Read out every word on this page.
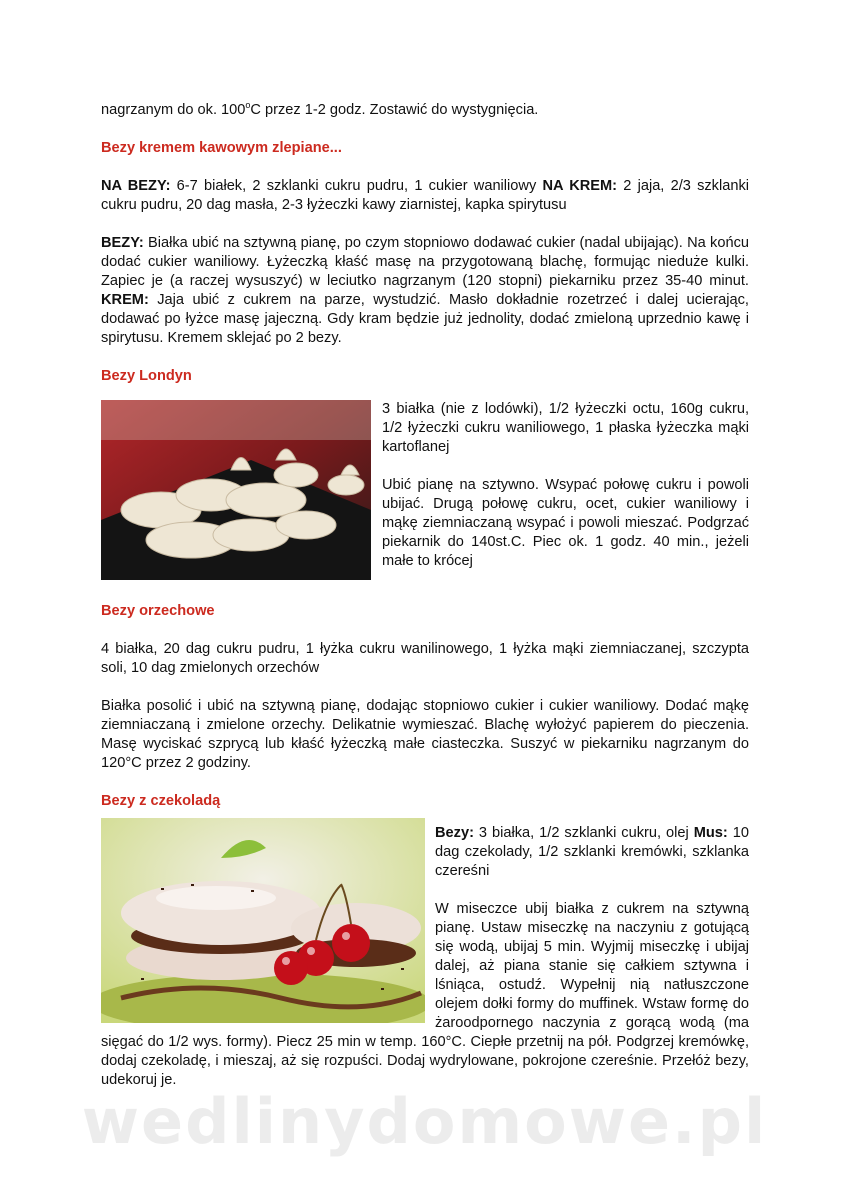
nagrzanym do ok. 100$^o$C przez 1-2 godz. Zostawić do wystygnięcia.

Bezy kremem kawowym zlepiane...

NA BEZY: 6-7 białek, 2 szklanki cukru pudru, 1 cukier waniliowy NA KREM: 2 jaja, 2/3 szklanki cukru pudru, 20 dag masła, 2-3 łyżeczki kawy ziarnistej, kapka spirytusu

BEZY: Białka ubić na sztywną pianę, po czym stopniowo dodawać cukier (nadal ubijając). Na końcu dodać cukier waniliowy. Łyżeczką kłaść masę na przygotowaną blachę, formując nieduże kulki. Zapiec je (a raczej wysuszyć) w leciutko nagrzanym (120 stopni) piekarniku przez 35-40 minut. KREM: Jaja ubić z cukrem na parze, wystudzić. Masło dokładnie rozetrzeć i dalej ucierając, dodawać po łyżce masę jajeczną. Gdy kram będzie już jednolity, dodać zmieloną uprzednio kawę i spirytusu. Kremem sklejać po 2 bezy.

Bezy Londyn

3 białka (nie z lodówki), 1/2 łyżeczki octu, 160g cukru, 1/2 łyżeczki cukru waniliowego, 1 płaska łyżeczka mąki kartoflanej

Ubić pianę na sztywno. Wsypać połowę cukru i powoli ubijać. Drugą połowę cukru, ocet, cukier waniliowy i mąkę ziemniaczaną wsypać i powoli mieszać. Podgrzać piekarnik do 140st.C. Piec ok. 1 godz. 40 min., jeżeli małe to krócej

Bezy orzechowe

4 białka, 20 dag cukru pudru, 1 łyżka cukru wanilinowego, 1 łyżka mąki ziemniaczanej, szczypta soli, 10 dag zmielonych orzechów

Białka posolić i ubić na sztywną pianę, dodając stopniowo cukier i cukier waniliowy. Dodać mąkę ziemniaczaną i zmielone orzechy. Delikatnie wymieszać. Blachę wyłożyć papierem do pieczenia. Masę wyciskać szprycą lub kłaść łyżeczką małe ciasteczka. Suszyć w piekarniku nagrzanym do 120°C przez 2 godziny.

Bezy z czekoladą

Bezy: 3 białka, 1/2 szklanki cukru, olej Mus: 10 dag czekolady, 1/2 szklanki kremówki, szklanka czereśni

W miseczce ubij białka z cukrem na sztywną pianę. Ustaw miseczkę na naczyniu z gotującą się wodą, ubijaj 5 min. Wyjmij miseczkę i ubijaj dalej, aż piana stanie się całkiem sztywna i lśniąca, ostudź. Wypełnij nią natłuszczone olejem dołki formy do muffinek. Wstaw formę do żaroodpornego naczynia z gorącą wodą (ma sięgać do 1/2 wys. formy). Piecz 25 min w temp. 160°C. Ciepłe przetnij na pół. Podgrzej kremówkę, dodaj czekoladę, i mieszaj, aż się rozpuści. Dodaj wydrylowane, pokrojone czereśnie. Przełóż bezy, udekoruj je.

wedlinydomowe.pl
